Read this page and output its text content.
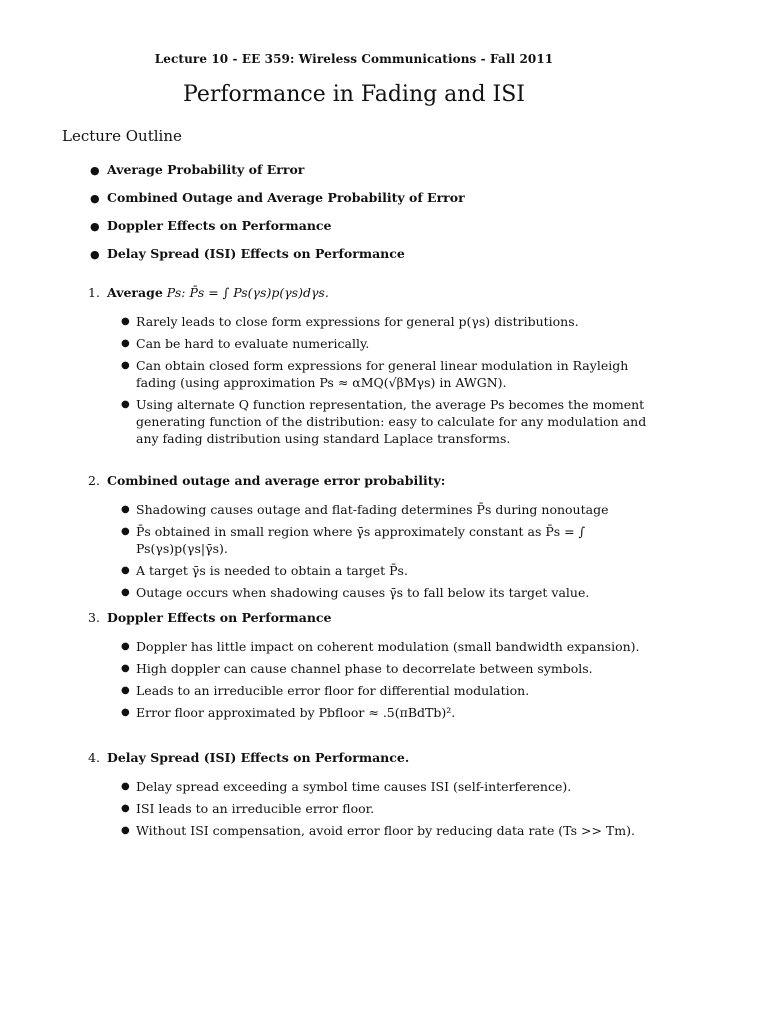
Lecture 10 - EE 359: Wireless Communications - Fall 2011
Performance in Fading and ISI
Lecture Outline
● Average Probability of Error
● Combined Outage and Average Probability of Error
● Doppler Effects on Performance
● Delay Spread (ISI) Effects on Performance
1. Average Ps: P̄s = ∫ Ps(γs)p(γs)dγs.
● Rarely leads to close form expressions for general p(γs) distributions.
● Can be hard to evaluate numerically.
● Can obtain closed form expressions for general linear modulation in Rayleigh fading (using approximation Ps ≈ αMQ(√βMγs) in AWGN).
● Using alternate Q function representation, the average Ps becomes the moment generating function of the distribution: easy to calculate for any modulation and any fading distribution using standard Laplace transforms.
2. Combined outage and average error probability:
● Shadowing causes outage and flat-fading determines P̄s during nonoutage
● P̄s obtained in small region where γ̄s approximately constant as P̄s = ∫ Ps(γs)p(γs|γ̄s).
● A target γ̄s is needed to obtain a target P̄s.
● Outage occurs when shadowing causes γ̄s to fall below its target value.
3. Doppler Effects on Performance
● Doppler has little impact on coherent modulation (small bandwidth expansion).
● High doppler can cause channel phase to decorrelate between symbols.
● Leads to an irreducible error floor for differential modulation.
● Error floor approximated by Pbfloor ≈ .5(πBdTb)².
4. Delay Spread (ISI) Effects on Performance.
● Delay spread exceeding a symbol time causes ISI (self-interference).
● ISI leads to an irreducible error floor.
● Without ISI compensation, avoid error floor by reducing data rate (Ts >> Tm).
